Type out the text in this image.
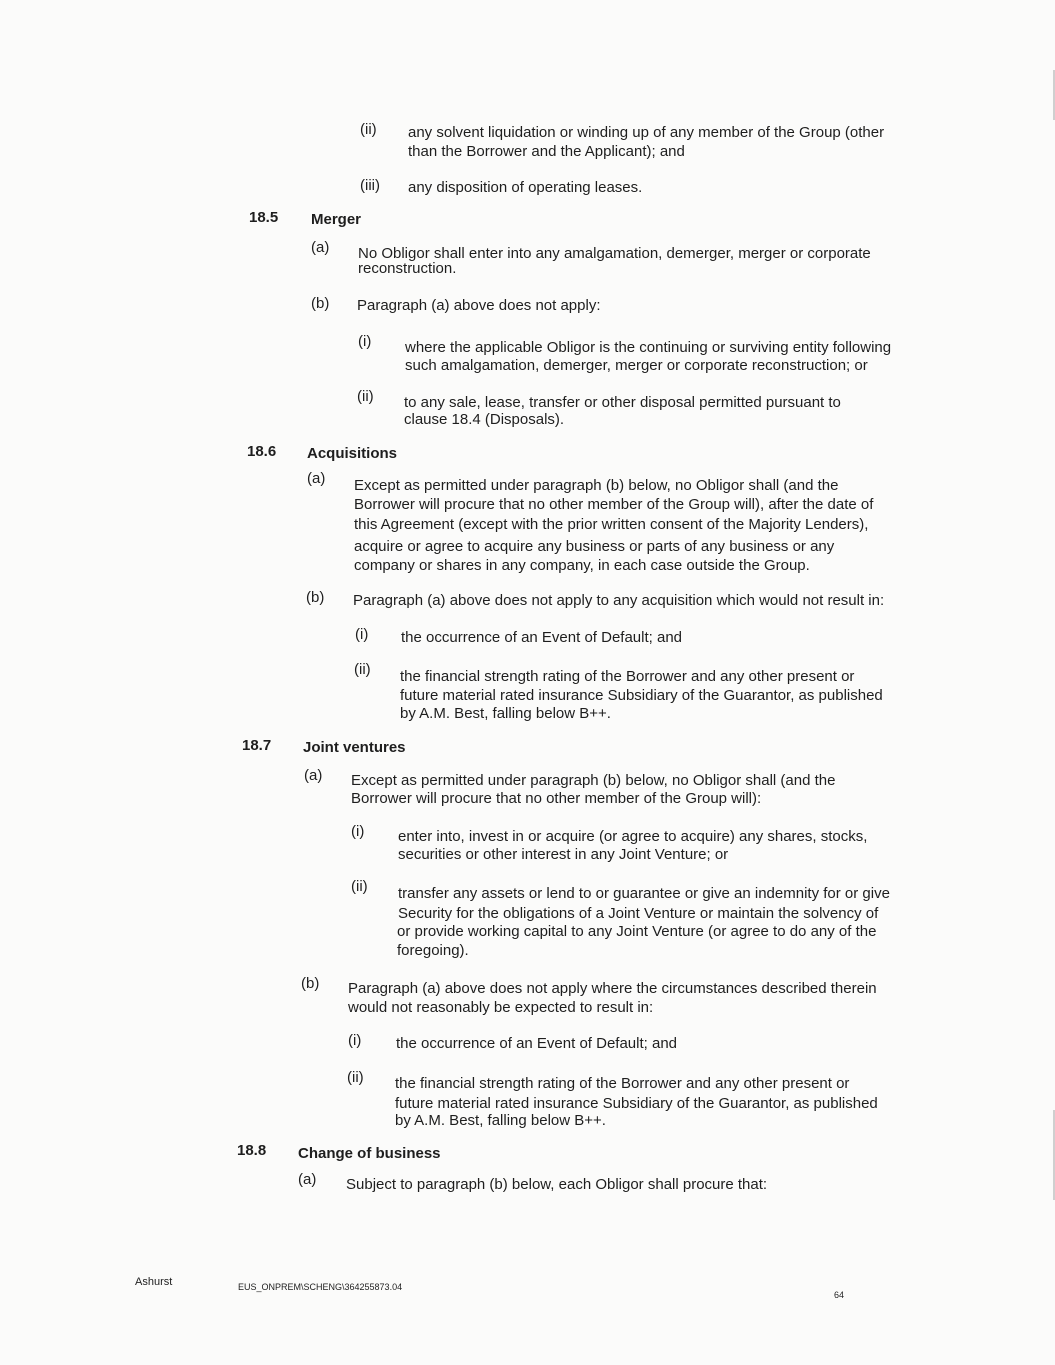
(ii) any solvent liquidation or winding up of any member of the Group (other
than the Borrower and the Applicant); and
(iii) any disposition of operating leases.
18.5 Merger
(a) No Obligor shall enter into any amalgamation, demerger, merger or corporate
reconstruction.
(b) Paragraph (a) above does not apply:
(i) where the applicable Obligor is the continuing or surviving entity following
such amalgamation, demerger, merger or corporate reconstruction; or
(ii) to any sale, lease, transfer or other disposal permitted pursuant to
clause 18.4 (Disposals).
18.6 Acquisitions
(a) Except as permitted under paragraph (b) below, no Obligor shall (and the
Borrower will procure that no other member of the Group will), after the date of
this Agreement (except with the prior written consent of the Majority Lenders),
acquire or agree to acquire any business or parts of any business or any
company or shares in any company, in each case outside the Group.
(b) Paragraph (a) above does not apply to any acquisition which would not result in:
(i) the occurrence of an Event of Default; and
(ii) the financial strength rating of the Borrower and any other present or
future material rated insurance Subsidiary of the Guarantor, as published
by A.M. Best, falling below B++.
18.7 Joint ventures
(a) Except as permitted under paragraph (b) below, no Obligor shall (and the
Borrower will procure that no other member of the Group will):
(i) enter into, invest in or acquire (or agree to acquire) any shares, stocks,
securities or other interest in any Joint Venture; or
(ii) transfer any assets or lend to or guarantee or give an indemnity for or give
Security for the obligations of a Joint Venture or maintain the solvency of
or provide working capital to any Joint Venture (or agree to do any of the
foregoing).
(b) Paragraph (a) above does not apply where the circumstances described therein
would not reasonably be expected to result in:
(i) the occurrence of an Event of Default; and
(ii) the financial strength rating of the Borrower and any other present or
future material rated insurance Subsidiary of the Guarantor, as published
by A.M. Best, falling below B++.
18.8 Change of business
(a) Subject to paragraph (b) below, each Obligor shall procure that:
Ashurst	EUS_ONPREM\SCHENG\364255873.04
64
